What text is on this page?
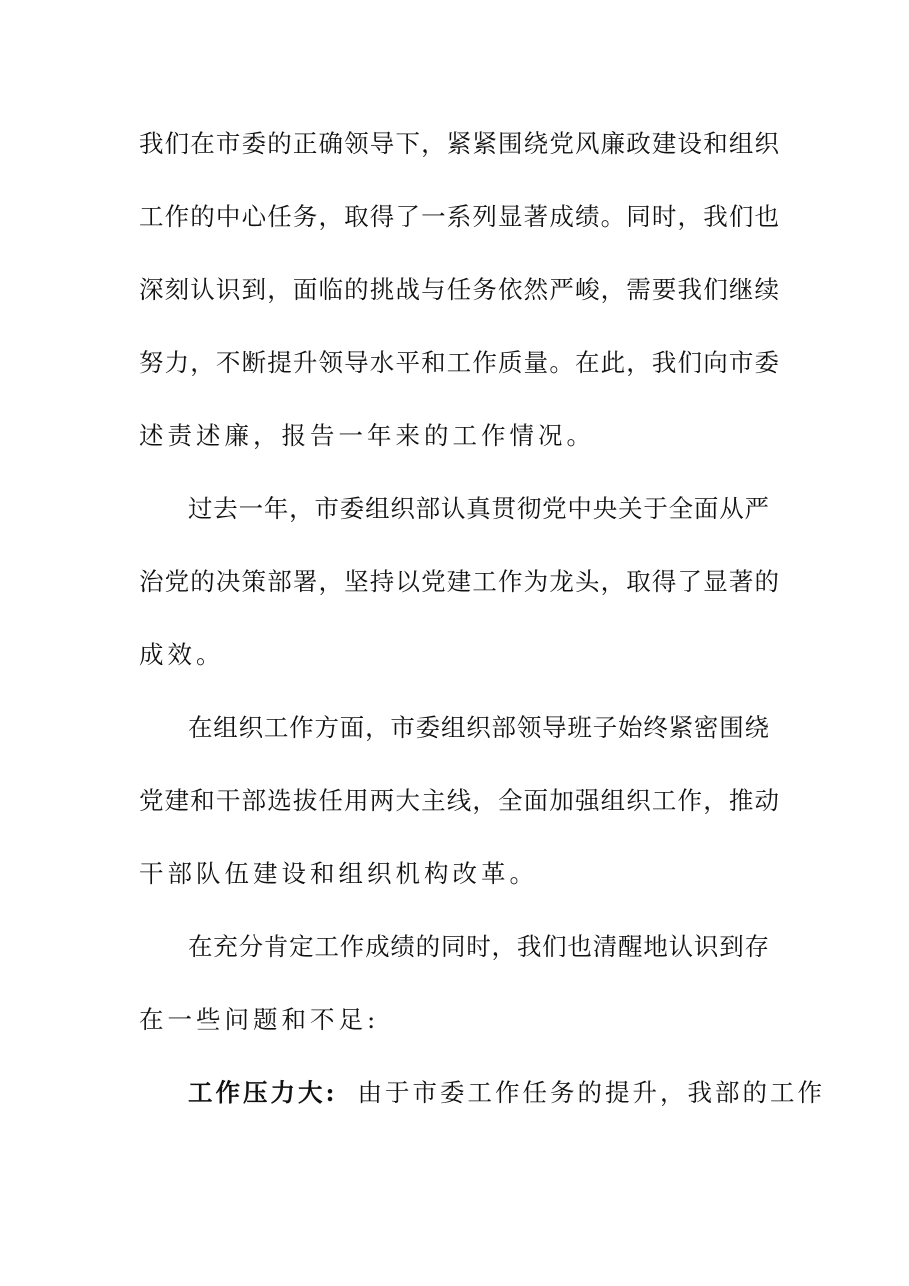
我们在市委的正确领导下，紧紧围绕党风廉政建设和组织
工作的中心任务，取得了一系列显著成绩。同时，我们也
深刻认识到，面临的挑战与任务依然严峻，需要我们继续
努力，不断提升领导水平和工作质量。在此，我们向市委
述责述廉，报告一年来的工作情况。
过去一年，市委组织部认真贯彻党中央关于全面从严
治党的决策部署，坚持以党建工作为龙头，取得了显著的
成效。
在组织工作方面，市委组织部领导班子始终紧密围绕
党建和干部选拔任用两大主线，全面加强组织工作，推动
干部队伍建设和组织机构改革。
在充分肯定工作成绩的同时，我们也清醒地认识到存
在一些问题和不足:
工作压力大: 由于市委工作任务的提升，我部的工作
